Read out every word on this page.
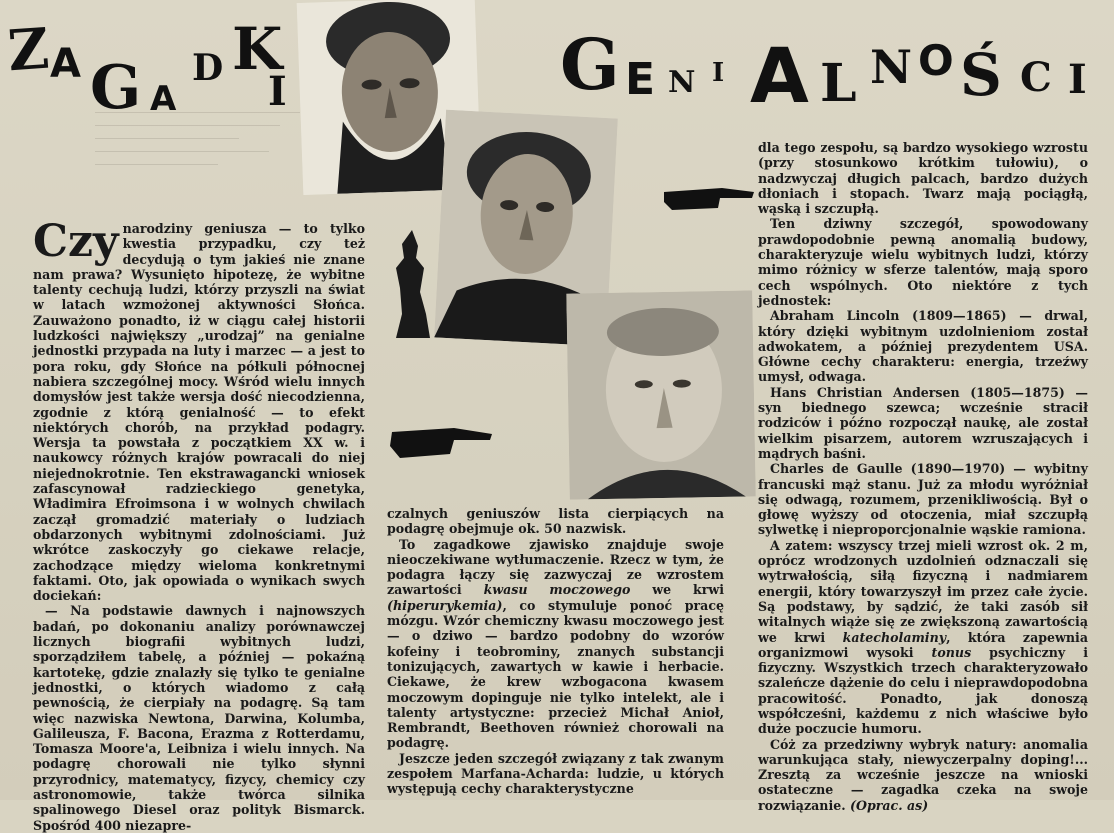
Z
A G A
D K
I	G E N I A L N O Ś C I

Czy narodziny geniusza — to tylko kwestia przypadku, czy też decydują o tym jakieś nie znane nam prawa? Wysunięto hipotezę, że wybitne talenty cechują ludzi, którzy przyszli na świat w latach wzmożonej aktywności Słońca. Zauważono ponadto, iż w ciągu całej historii ludzkości największy „urodzaj” na genialne jednostki przypada na luty i marzec — a jest to pora roku, gdy Słońce na półkuli północnej nabiera szczególnej mocy. Wśród wielu innych domysłów jest także wersja dość niecodzienna, zgodnie z którą genialność — to efekt niektórych chorób, na przykład podagry. Wersja ta powstała z początkiem XX w. i naukowcy różnych krajów powracali do niej niejednokrotnie. Ten ekstrawagancki wniosek zafascynował radzieckiego genetyka, Władimira Efroimsona i w wolnych chwilach zaczął gromadzić materiały o ludziach obdarzonych wybitnymi zdolnościami. Już wkrótce zaskoczyły go ciekawe relacje, zachodzące między wieloma konkretnymi faktami. Oto, jak opowiada o wynikach swych dociekań:

— Na podstawie dawnych i najnowszych badań, po dokonaniu analizy porównawczej licznych biografii wybitnych ludzi, sporządziłem tabelę, a później — pokaźną kartotekę, gdzie znalazły się tylko te genialne jednostki, o których wiadomo z całą pewnością, że cierpiały na podagrę. Są tam więc nazwiska Newtona, Darwina, Kolumba, Galileusza, F. Bacona, Erazma z Rotterdamu, Tomasza Moore'a, Leibniza i wielu innych. Na podagrę chorowali nie tylko słynni przyrodnicy, matematycy, fizycy, chemicy czy astronomowie, także twórca silnika spalinowego Diesel oraz polityk Bismarck. Spośród 400 niezapre-

czalnych geniuszów lista cierpiących na podagrę obejmuje ok. 50 nazwisk.

To zagadkowe zjawisko znajduje swoje nieoczekiwane wytłumaczenie. Rzecz w tym, że podagra łączy się zazwyczaj ze wzrostem zawartości kwasu moczowego we krwi (hiperurykemia), co stymuluje ponoć pracę mózgu. Wzór chemiczny kwasu moczowego jest — o dziwo — bardzo podobny do wzorów kofeiny i teobrominy, znanych substancji tonizujących, zawartych w kawie i herbacie. Ciekawe, że krew wzbogacona kwasem moczowym dopinguje nie tylko intelekt, ale i talenty artystyczne: przecież Michał Anioł, Rembrandt, Beethoven również chorowali na podagrę.

Jeszcze jeden szczegół związany z tak zwanym zespołem Marfana-Acharda: ludzie, u których występują cechy charakterystyczne

dla tego zespołu, są bardzo wysokiego wzrostu (przy stosunkowo krótkim tułowiu), o nadzwyczaj długich palcach, bardzo dużych dłoniach i stopach. Twarz mają pociągłą, wąską i szczupłą.

Ten dziwny szczegół, spowodowany prawdopodobnie pewną anomalią budowy, charakteryzuje wielu wybitnych ludzi, którzy mimo różnicy w sferze talentów, mają sporo cech wspólnych. Oto niektóre z tych jednostek:

Abraham Lincoln (1809—1865) — drwal, który dzięki wybitnym uzdolnieniom został adwokatem, a później prezydentem USA. Główne cechy charakteru: energia, trzeźwy umysł, odwaga.

Hans Christian Andersen (1805—1875) — syn biednego szewca; wcześnie stracił rodziców i późno rozpoczął naukę, ale został wielkim pisarzem, autorem wzruszających i mądrych baśni.

Charles de Gaulle (1890—1970) — wybitny francuski mąż stanu. Już za młodu wyróżniał się odwagą, rozumem, przenikliwością. Był o głowę wyższy od otoczenia, miał szczupłą sylwetkę i nieproporcjonalnie wąskie ramiona.

A zatem: wszyscy trzej mieli wzrost ok. 2 m, oprócz wrodzonych uzdolnień odznaczali się wytrwałością, siłą fizyczną i nadmiarem energii, który towarzyszył im przez całe życie. Są podstawy, by sądzić, że taki zasób sił witalnych wiąże się ze zwiększoną zawartością we krwi katecholaminy, która zapewnia organizmowi wysoki tonus psychiczny i fizyczny. Wszystkich trzech charakteryzowało szaleńcze dążenie do celu i nieprawdopodobna pracowitość. Ponadto, jak donoszą współcześni, każdemu z nich właściwe było duże poczucie humoru.

Cóż za przedziwny wybryk natury: anomalia warunkująca stały, niewyczerpalny doping!... Zresztą za wcześnie jeszcze na wnioski ostateczne — zagadka czeka na swoje rozwiązanie. (Oprac. as)
